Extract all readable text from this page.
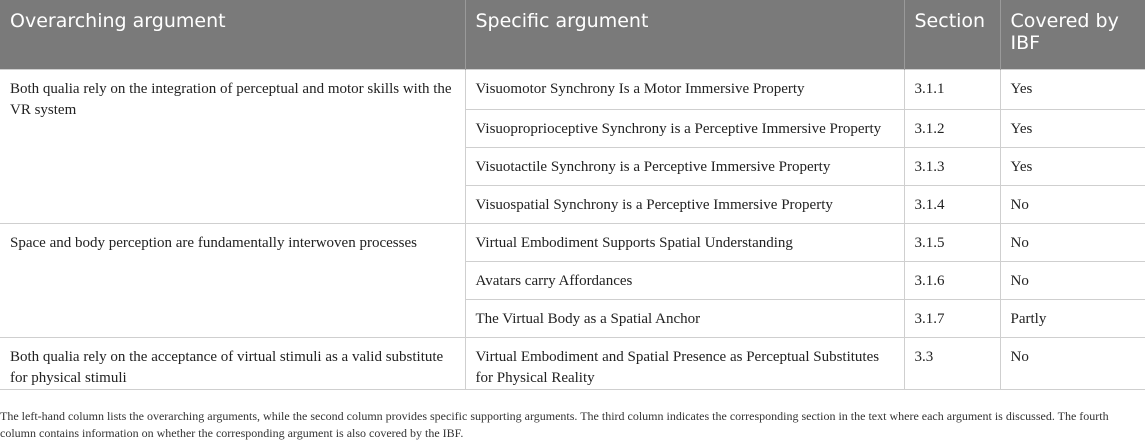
Overarching argument	Specific argument	Section	Covered by IBF
Both qualia rely on the integration of perceptual and motor skills with the VR system	Visuomotor Synchrony Is a Motor Immersive Property	3.1.1	Yes
	Visuoproprioceptive Synchrony is a Perceptive Immersive Property	3.1.2	Yes
	Visuotactile Synchrony is a Perceptive Immersive Property	3.1.3	Yes
	Visuospatial Synchrony is a Perceptive Immersive Property	3.1.4	No
Space and body perception are fundamentally interwoven processes	Virtual Embodiment Supports Spatial Understanding	3.1.5	No
	Avatars carry Affordances	3.1.6	No
	The Virtual Body as a Spatial Anchor	3.1.7	Partly
Both qualia rely on the acceptance of virtual stimuli as a valid substitute for physical stimuli	Virtual Embodiment and Spatial Presence as Perceptual Substitutes for Physical Reality	3.3	No
The left-hand column lists the overarching arguments, while the second column provides specific supporting arguments. The third column indicates the corresponding section in the text where each argument is discussed. The fourth column contains information on whether the corresponding argument is also covered by the IBF.
